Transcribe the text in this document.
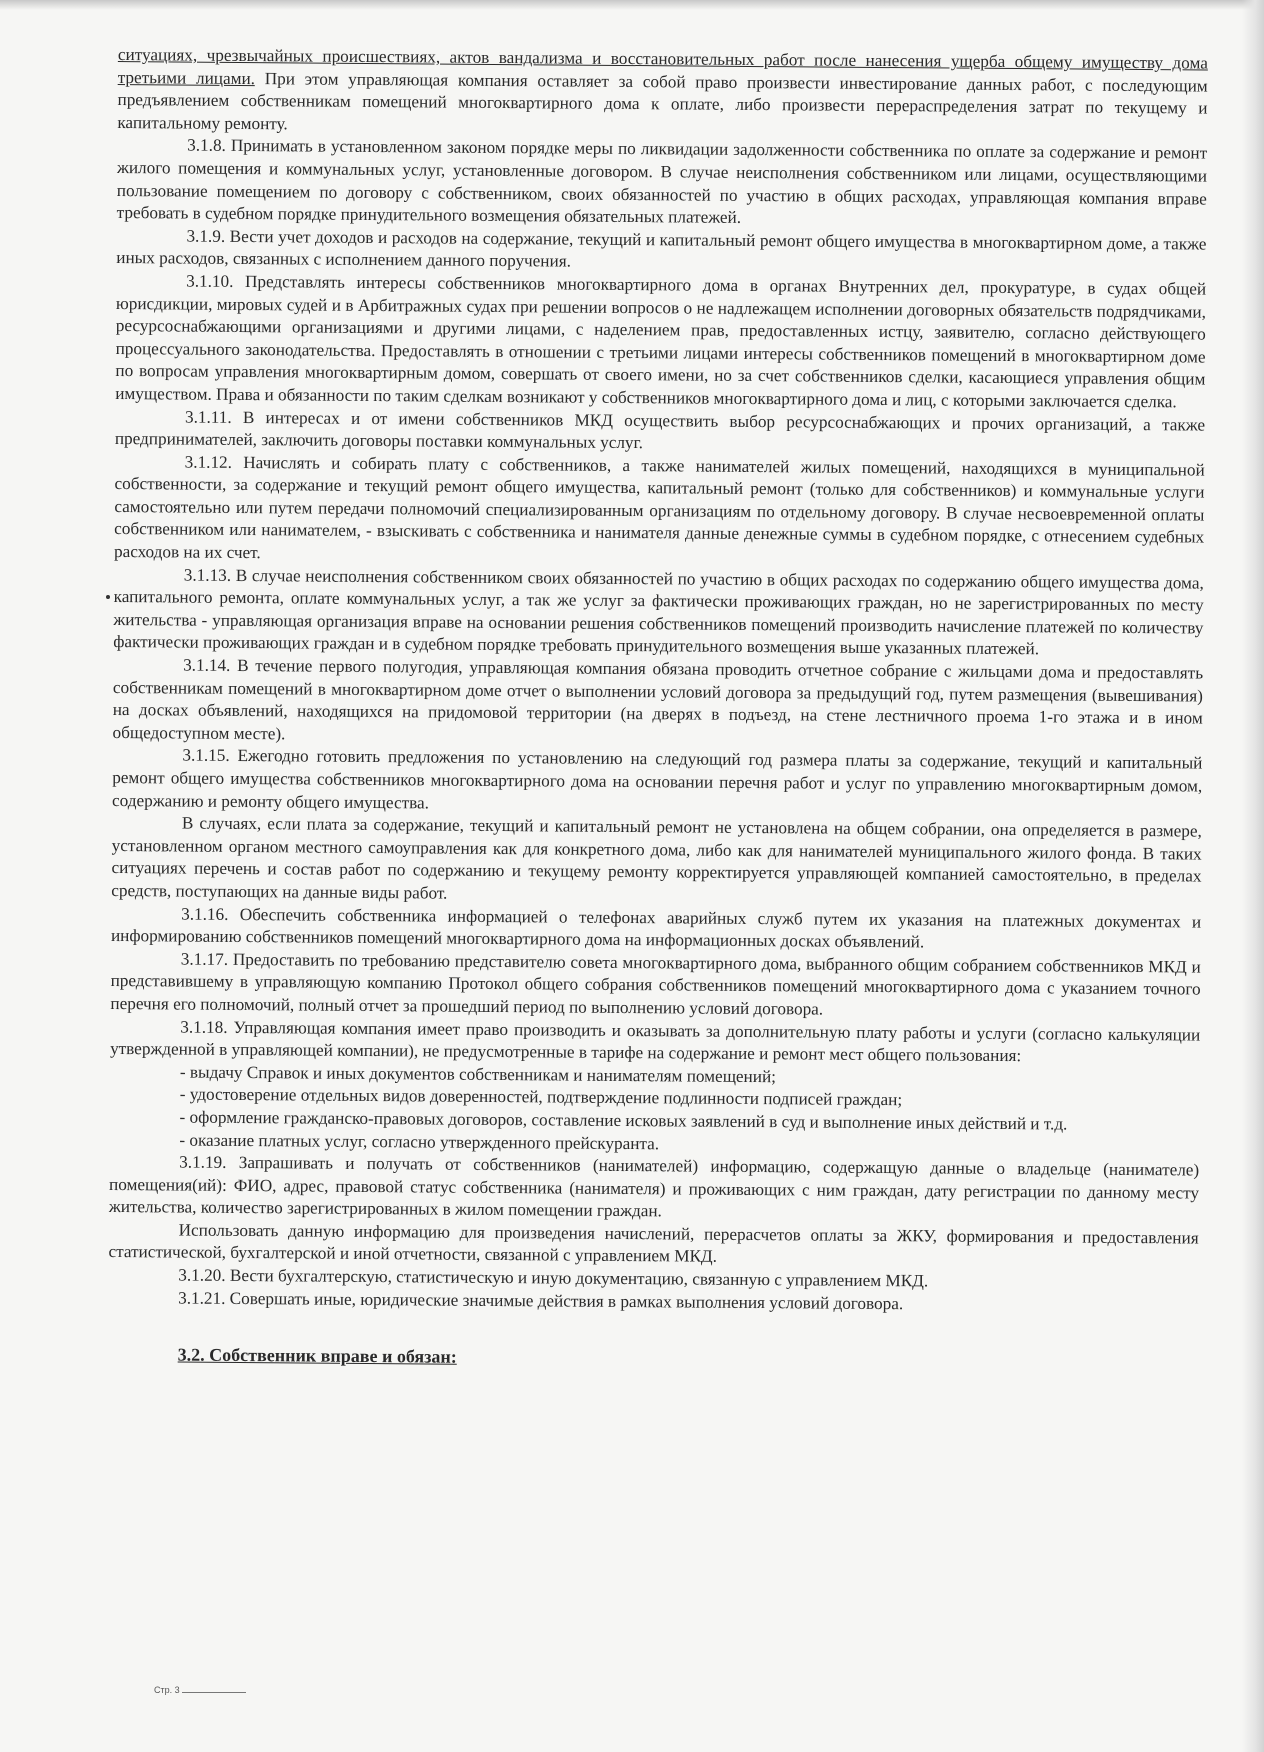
ситуациях, чрезвычайных происшествиях, актов вандализма и восстановительных работ после нанесения ущерба общему имуществу дома третьими лицами. При этом управляющая компания оставляет за собой право произвести инвестирование данных работ, с последующим предъявлением собственникам помещений многоквартирного дома к оплате, либо произвести перераспределения затрат по текущему и капитальному ремонту.

3.1.8. Принимать в установленном законом порядке меры по ликвидации задолженности собственника по оплате за содержание и ремонт жилого помещения и коммунальных услуг, установленные договором. В случае неисполнения собственником или лицами, осуществляющими пользование помещением по договору с собственником, своих обязанностей по участию в общих расходах, управляющая компания вправе требовать в судебном порядке принудительного возмещения обязательных платежей.

3.1.9. Вести учет доходов и расходов на содержание, текущий и капитальный ремонт общего имущества в многоквартирном доме, а также иных расходов, связанных с исполнением данного поручения.

3.1.10. Представлять интересы собственников многоквартирного дома в органах Внутренних дел, прокуратуре, в судах общей юрисдикции, мировых судей и в Арбитражных судах при решении вопросов о не надлежащем исполнении договорных обязательств подрядчиками, ресурсоснабжающими организациями и другими лицами, с наделением прав, предоставленных истцу, заявителю, согласно действующего процессуального законодательства. Предоставлять в отношении с третьими лицами интересы собственников помещений в многоквартирном доме по вопросам управления многоквартирным домом, совершать от своего имени, но за счет собственников сделки, касающиеся управления общим имуществом. Права и обязанности по таким сделкам возникают у собственников многоквартирного дома и лиц, с которыми заключается сделка.

3.1.11. В интересах и от имени собственников МКД осуществить выбор ресурсоснабжающих и прочих организаций, а также предпринимателей, заключить договоры поставки коммунальных услуг.

3.1.12. Начислять и собирать плату с собственников, а также нанимателей жилых помещений, находящихся в муниципальной собственности, за содержание и текущий ремонт общего имущества, капитальный ремонт (только для собственников) и коммунальные услуги самостоятельно или путем передачи полномочий специализированным организациям по отдельному договору. В случае несвоевременной оплаты собственником или нанимателем, - взыскивать с собственника и нанимателя данные денежные суммы в судебном порядке, с отнесением судебных расходов на их счет.

3.1.13. В случае неисполнения собственником своих обязанностей по участию в общих расходах по содержанию общего имущества дома, капитального ремонта, оплате коммунальных услуг, а так же услуг за фактически проживающих граждан, но не зарегистрированных по месту жительства - управляющая организация вправе на основании решения собственников помещений производить начисление платежей по количеству фактически проживающих граждан и в судебном порядке требовать принудительного возмещения выше указанных платежей.

3.1.14. В течение первого полугодия, управляющая компания обязана проводить отчетное собрание с жильцами дома и предоставлять собственникам помещений в многоквартирном доме отчет о выполнении условий договора за предыдущий год, путем размещения (вывешивания) на досках объявлений, находящихся на придомовой территории (на дверях в подъезд, на стене лестничного проема 1-го этажа и в ином общедоступном месте).

3.1.15. Ежегодно готовить предложения по установлению на следующий год размера платы за содержание, текущий и капитальный ремонт общего имущества собственников многоквартирного дома на основании перечня работ и услуг по управлению многоквартирным домом, содержанию и ремонту общего имущества.

В случаях, если плата за содержание, текущий и капитальный ремонт не установлена на общем собрании, она определяется в размере, установленном органом местного самоуправления как для конкретного дома, либо как для нанимателей муниципального жилого фонда. В таких ситуациях перечень и состав работ по содержанию и текущему ремонту корректируется управляющей компанией самостоятельно, в пределах средств, поступающих на данные виды работ.

3.1.16. Обеспечить собственника информацией о телефонах аварийных служб путем их указания на платежных документах и информированию собственников помещений многоквартирного дома на информационных досках объявлений.

3.1.17. Предоставить по требованию представителю совета многоквартирного дома, выбранного общим собранием собственников МКД и представившему в управляющую компанию Протокол общего собрания собственников помещений многоквартирного дома с указанием точного перечня его полномочий, полный отчет за прошедший период по выполнению условий договора.

3.1.18. Управляющая компания имеет право производить и оказывать за дополнительную плату работы и услуги (согласно калькуляции утвержденной в управляющей компании), не предусмотренные в тарифе на содержание и ремонт мест общего пользования:

- выдачу Справок и иных документов собственникам и нанимателям помещений;

- удостоверение отдельных видов доверенностей, подтверждение подлинности подписей граждан;

- оформление гражданско-правовых договоров, составление исковых заявлений в суд и выполнение иных действий и т.д.

- оказание платных услуг, согласно утвержденного прейскуранта.

3.1.19. Запрашивать и получать от собственников (нанимателей) информацию, содержащую данные о владельце (нанимателе) помещения(ий): ФИО, адрес, правовой статус собственника (нанимателя) и проживающих с ним граждан, дату регистрации по данному месту жительства, количество зарегистрированных в жилом помещении граждан.

Использовать данную информацию для произведения начислений, перерасчетов оплаты за ЖКУ, формирования и предоставления статистической, бухгалтерской и иной отчетности, связанной с управлением МКД.

3.1.20. Вести бухгалтерскую, статистическую и иную документацию, связанную с управлением МКД.

3.1.21. Совершать иные, юридические значимые действия в рамках выполнения условий договора.

3.2. Собственник вправе и обязан:

Стр. 3
